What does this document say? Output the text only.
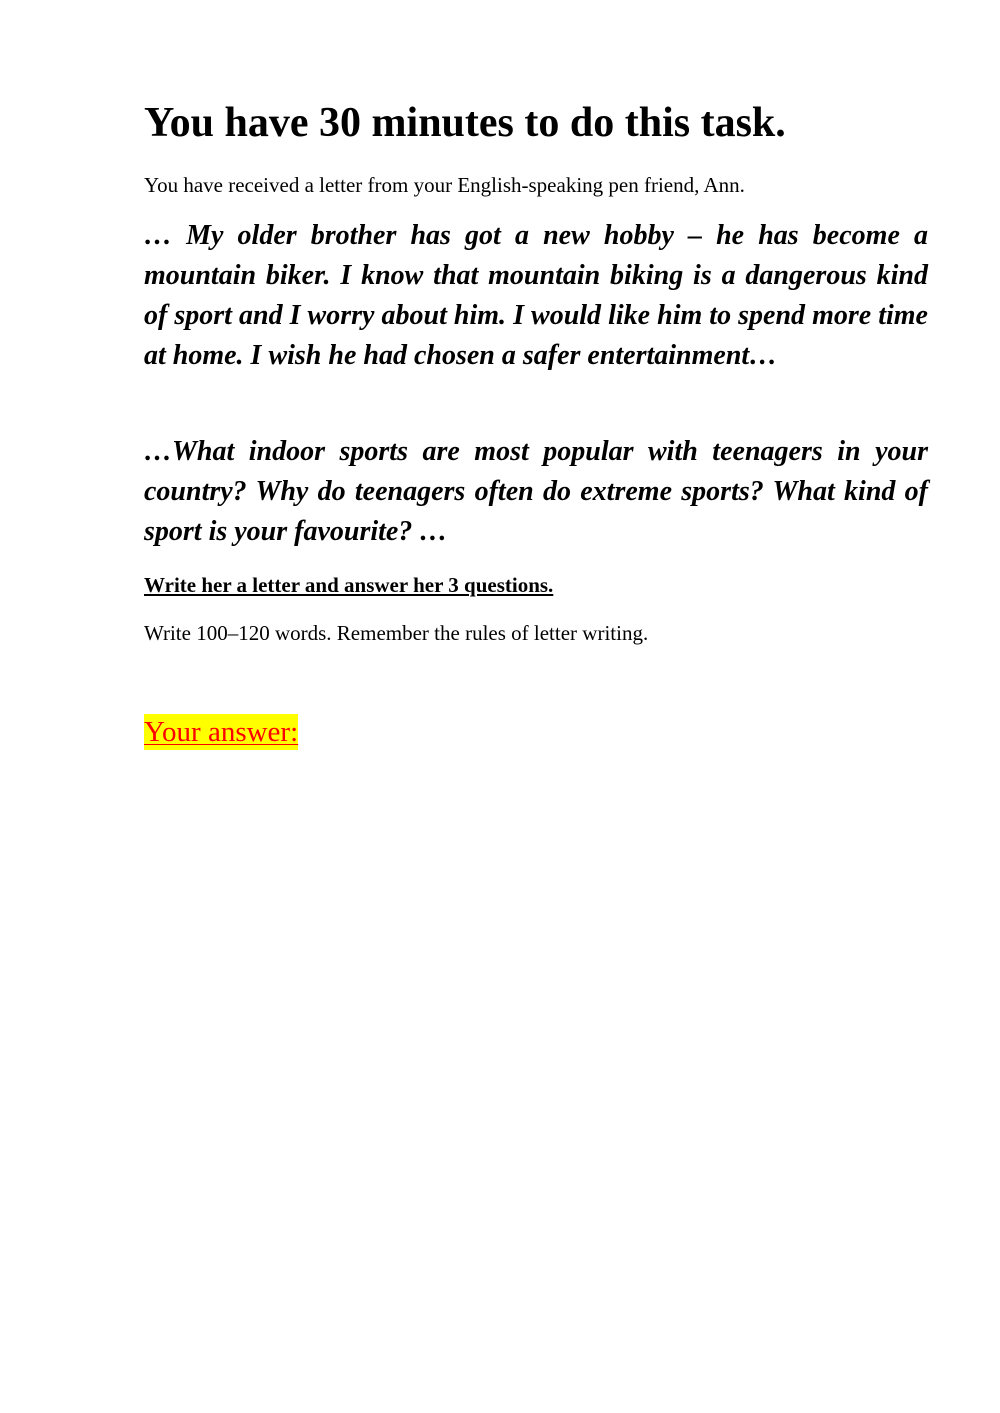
You have 30 minutes to do this task.

You have received a letter from your English-speaking pen friend, Ann.

… My older brother has got a new hobby – he has become a mountain biker. I know that mountain biking is a dangerous kind of sport and I worry about him. I would like him to spend more time at home. I wish he had chosen a safer entertainment…

…What indoor sports are most popular with teenagers in your country? Why do teenagers often do extreme sports? What kind of sport is your favourite? …

Write her a letter and answer her 3 questions.

Write 100–120 words. Remember the rules of letter writing.

Your answer:
